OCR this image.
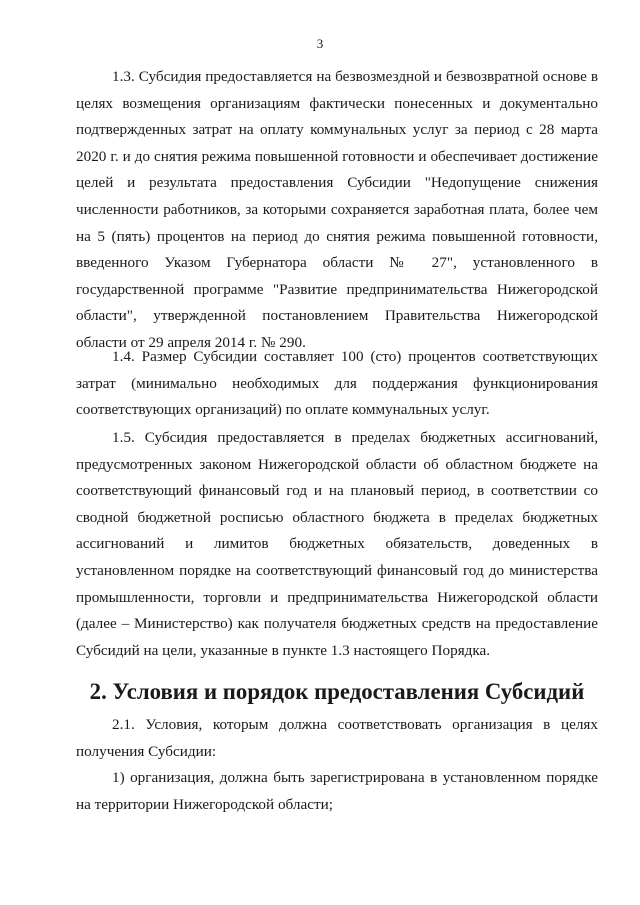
3

1.3. Субсидия предоставляется на безвозмездной и безвозвратной основе в целях возмещения организациям фактически понесенных и документально подтвержденных затрат на оплату коммунальных услуг за период с 28 марта 2020 г. и до снятия режима повышенной готовности и обеспечивает достижение целей и результата предоставления Субсидии "Недопущение снижения численности работников, за которыми сохраняется заработная плата, более чем на 5 (пять) процентов на период до снятия режима повышенной готовности, введенного Указом Губернатора области № 27", установленного в государственной программе "Развитие предпринимательства Нижегородской области", утвержденной постановлением Правительства Нижегородской области от 29 апреля 2014 г. № 290.

1.4. Размер Субсидии составляет 100 (сто) процентов соответствующих затрат (минимально необходимых для поддержания функционирования соответствующих организаций) по оплате коммунальных услуг.

1.5. Субсидия предоставляется в пределах бюджетных ассигнований, предусмотренных законом Нижегородской области об областном бюджете на соответствующий финансовый год и на плановый период, в соответствии со сводной бюджетной росписью областного бюджета в пределах бюджетных ассигнований и лимитов бюджетных обязательств, доведенных в установленном порядке на соответствующий финансовый год до министерства промышленности, торговли и предпринимательства Нижегородской области (далее – Министерство) как получателя бюджетных средств на предоставление Субсидий на цели, указанные в пункте 1.3 настоящего Порядка.

2. Условия и порядок предоставления Субсидий

2.1. Условия, которым должна соответствовать организация в целях получения Субсидии:

1) организация, должна быть зарегистрирована в установленном порядке на территории Нижегородской области;
